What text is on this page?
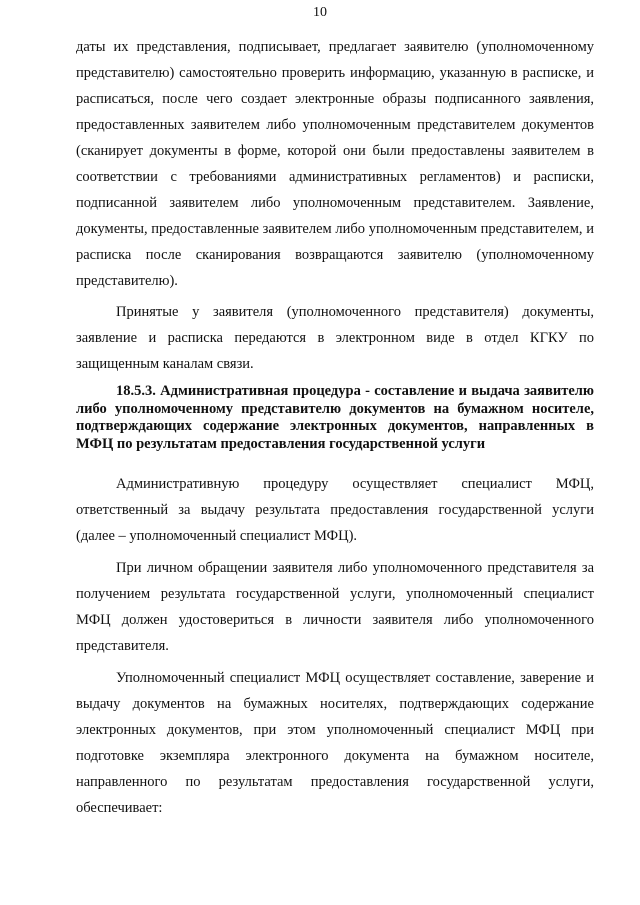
10

даты их представления, подписывает, предлагает заявителю (уполномоченному представителю) самостоятельно проверить информацию, указанную в расписке, и расписаться, после чего создает электронные образы подписанного заявления, предоставленных заявителем либо уполномоченным представителем документов (сканирует документы в форме, которой они были предоставлены заявителем в соответствии с требованиями административных регламентов) и расписки, подписанной заявителем либо уполномоченным представителем. Заявление, документы, предоставленные заявителем либо уполномоченным представителем, и расписка после сканирования возвращаются заявителю (уполномоченному представителю).

Принятые у заявителя (уполномоченного представителя) документы, заявление и расписка передаются в электронном виде в отдел КГКУ по защищенным каналам связи.

18.5.3. Административная процедура - составление и выдача заявителю либо уполномоченному представителю документов на бумажном носителе, подтверждающих содержание электронных документов, направленных в МФЦ по результатам предоставления государственной услуги

Административную процедуру осуществляет специалист МФЦ, ответственный за выдачу результата предоставления государственной услуги (далее – уполномоченный специалист МФЦ).

При личном обращении заявителя либо уполномоченного представителя за получением результата государственной услуги, уполномоченный специалист МФЦ должен удостовериться в личности заявителя либо уполномоченного представителя.

Уполномоченный специалист МФЦ осуществляет составление, заверение и выдачу документов на бумажных носителях, подтверждающих содержание электронных документов, при этом уполномоченный специалист МФЦ при подготовке экземпляра электронного документа на бумажном носителе, направленного по результатам предоставления государственной услуги, обеспечивает:
